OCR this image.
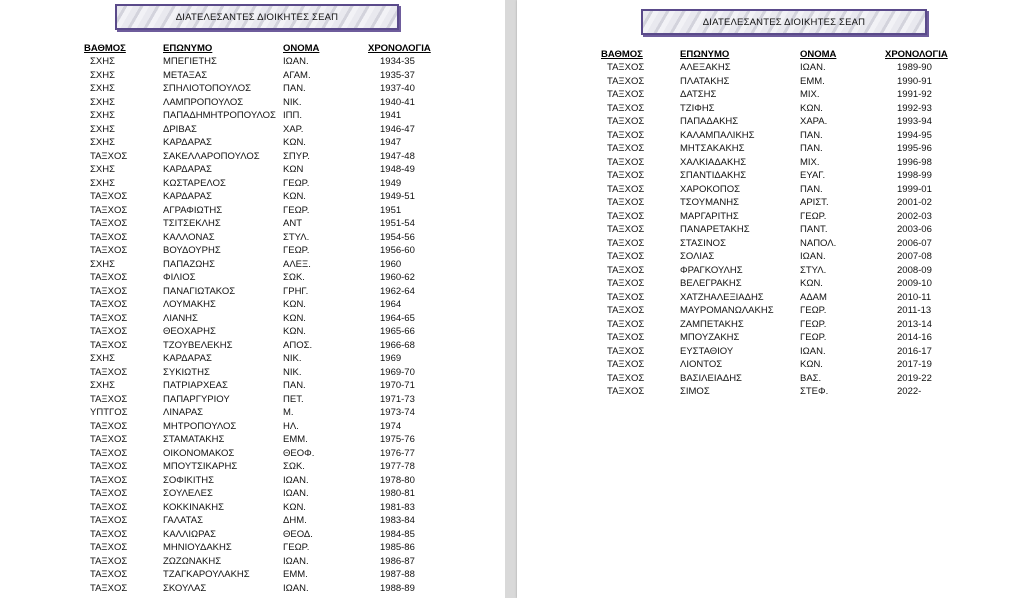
ΔΙΑΤΕΛΕΣΑΝΤΕΣ ΔΙΟΙΚΗΤΕΣ ΣΕΑΠ
ΒΑΘΜΟΣ	ΕΠΩΝΥΜΟ	ΟΝΟΜΑ	ΧΡΟΝΟΛΟΓΙΑ
ΣΧΗΣ	ΜΠΕΓΙΕΤΗΣ	ΙΩΑΝ.	1934-35
ΣΧΗΣ	ΜΕΤΑΞΑΣ	ΑΓΑΜ.	1935-37
ΣΧΗΣ	ΣΠΗΛΙΟΤΟΠΟΥΛΟΣ	ΠΑΝ.	1937-40
ΣΧΗΣ	ΛΑΜΠΡΟΠΟΥΛΟΣ	ΝΙΚ.	1940-41
ΣΧΗΣ	ΠΑΠΑΔΗΜΗΤΡΟΠΟΥΛΟΣ ΙΠΠ.	1941
ΣΧΗΣ	ΔΡΙΒΑΣ	ΧΑΡ.	1946-47
ΣΧΗΣ	ΚΑΡΔΑΡΑΣ	ΚΩΝ.	1947
ΤΑΞΧΟΣ	ΣΑΚΕΛΛΑΡΟΠΟΥΛΟΣ ΣΠΥΡ.	1947-48
ΣΧΗΣ	ΚΑΡΔΑΡΑΣ	ΚΩΝ	1948-49
ΣΧΗΣ	ΚΩΣΤΑΡΕΛΟΣ	ΓΕΩΡ.	1949
ΤΑΞΧΟΣ	ΚΑΡΔΑΡΑΣ	ΚΩΝ.	1949-51
ΤΑΞΧΟΣ	ΑΓΡΑΦΙΩΤΗΣ	ΓΕΩΡ.	1951
ΤΑΞΧΟΣ	ΤΣΙΤΣΕΚΛΗΣ	ΑΝΤ	1951-54
ΤΑΞΧΟΣ	ΚΑΛΛΟΝΑΣ	ΣΤΥΛ.	1954-56
ΤΑΞΧΟΣ	ΒΟΥΔΟΥΡΗΣ	ΓΕΩΡ.	1956-60
ΣΧΗΣ	ΠΑΠΑΖΩΗΣ	ΑΛΕΞ.	1960
ΤΑΞΧΟΣ	ΦΙΛΙΟΣ	ΣΩΚ.	1960-62
ΤΑΞΧΟΣ	ΠΑΝΑΓΙΩΤΑΚΟΣ	ΓΡΗΓ.	1962-64
ΤΑΞΧΟΣ	ΛΟΥΜΑΚΗΣ	ΚΩΝ.	1964
ΤΑΞΧΟΣ	ΛΙΑΝΗΣ	ΚΩΝ.	1964-65
ΤΑΞΧΟΣ	ΘΕΟΧΑΡΗΣ	ΚΩΝ.	1965-66
ΤΑΞΧΟΣ	ΤΖΟΥΒΕΛΕΚΗΣ	ΑΠΟΣ.	1966-68
ΣΧΗΣ	ΚΑΡΔΑΡΑΣ	ΝΙΚ.	1969
ΤΑΞΧΟΣ	ΣΥΚΙΩΤΗΣ	ΝΙΚ.	1969-70
ΣΧΗΣ	ΠΑΤΡΙΑΡΧΕΑΣ	ΠΑΝ.	1970-71
ΤΑΞΧΟΣ	ΠΑΠΑΡΓΥΡΙΟΥ	ΠΕΤ.	1971-73
ΥΠΤΓΟΣ	ΛΙΝΑΡΑΣ	Μ.	1973-74
ΤΑΞΧΟΣ	ΜΗΤΡΟΠΟΥΛΟΣ	ΗΛ.	1974
ΤΑΞΧΟΣ	ΣΤΑΜΑΤΑΚΗΣ	ΕΜΜ.	1975-76
ΤΑΞΧΟΣ	ΟΙΚΟΝΟΜΑΚΟΣ	ΘΕΟΦ.	1976-77
ΤΑΞΧΟΣ	ΜΠΟΥΤΣΙΚΑΡΗΣ	ΣΩΚ.	1977-78
ΤΑΞΧΟΣ	ΣΟΦΙΚΙΤΗΣ	ΙΩΑΝ.	1978-80
ΤΑΞΧΟΣ	ΣΟΥΛΕΛΕΣ	ΙΩΑΝ.	1980-81
ΤΑΞΧΟΣ	ΚΟΚΚΙΝΑΚΗΣ	ΚΩΝ.	1981-83
ΤΑΞΧΟΣ	ΓΑΛΑΤΑΣ	ΔΗΜ.	1983-84
ΤΑΞΧΟΣ	ΚΑΛΛΙΩΡΑΣ	ΘΕΟΔ.	1984-85
ΤΑΞΧΟΣ	ΜΗΝΙΟΥΔΑΚΗΣ	ΓΕΩΡ.	1985-86
ΤΑΞΧΟΣ	ΖΩΖΩΝΑΚΗΣ	ΙΩΑΝ.	1986-87
ΤΑΞΧΟΣ	ΤΖΑΓΚΑΡΟΥΛΑΚΗΣ	ΕΜΜ.	1987-88
ΤΑΞΧΟΣ	ΣΚΟΥΛΑΣ	ΙΩΑΝ.	1988-89
ΔΙΑΤΕΛΕΣΑΝΤΕΣ ΔΙΟΙΚΗΤΕΣ ΣΕΑΠ
ΒΑΘΜΟΣ	ΕΠΩΝΥΜΟ	ΟΝΟΜΑ	ΧΡΟΝΟΛΟΓΙΑ
ΤΑΞΧΟΣ	ΑΛΕΞΑΚΗΣ	ΙΩΑΝ.	1989-90
ΤΑΞΧΟΣ	ΠΛΑΤΑΚΗΣ	ΕΜΜ.	1990-91
ΤΑΞΧΟΣ	ΔΑΤΣΗΣ	ΜΙΧ.	1991-92
ΤΑΞΧΟΣ	ΤΖΙΦΗΣ	ΚΩΝ.	1992-93
ΤΑΞΧΟΣ	ΠΑΠΑΔΑΚΗΣ	ΧΑΡΑ.	1993-94
ΤΑΞΧΟΣ	ΚΑΛΑΜΠΑΛΙΚΗΣ	ΠΑΝ.	1994-95
ΤΑΞΧΟΣ	ΜΗΤΣΑΚΑΚΗΣ	ΠΑΝ.	1995-96
ΤΑΞΧΟΣ	ΧΑΛΚΙΑΔΑΚΗΣ	ΜΙΧ.	1996-98
ΤΑΞΧΟΣ	ΣΠΑΝΤΙΔΑΚΗΣ	ΕΥΑΓ.	1998-99
ΤΑΞΧΟΣ	ΧΑΡΟΚΟΠΟΣ	ΠΑΝ.	1999-01
ΤΑΞΧΟΣ	ΤΣΟΥΜΑΝΗΣ	ΑΡΙΣΤ.	2001-02
ΤΑΞΧΟΣ	ΜΑΡΓΑΡΙΤΗΣ	ΓΕΩΡ.	2002-03
ΤΑΞΧΟΣ	ΠΑΝΑΡΕΤΑΚΗΣ	ΠΑΝΤ.	2003-06
ΤΑΞΧΟΣ	ΣΤΑΣΙΝΟΣ	ΝΑΠΟΛ.	2006-07
ΤΑΞΧΟΣ	ΣΟΛΙΑΣ	ΙΩΑΝ.	2007-08
ΤΑΞΧΟΣ	ΦΡΑΓΚΟΥΛΗΣ	ΣΤΥΛ.	2008-09
ΤΑΞΧΟΣ	ΒΕΛΕΓΡΑΚΗΣ	ΚΩΝ.	2009-10
ΤΑΞΧΟΣ	ΧΑΤΖΗΑΛΕΞΙΑΔΗΣ	ΑΔΑΜ	2010-11
ΤΑΞΧΟΣ	ΜΑΥΡΟΜΑΝΩΛΑΚΗΣ	ΓΕΩΡ.	2011-13
ΤΑΞΧΟΣ	ΖΑΜΠΕΤΑΚΗΣ	ΓΕΩΡ.	2013-14
ΤΑΞΧΟΣ	ΜΠΟΥΖΑΚΗΣ	ΓΕΩΡ.	2014-16
ΤΑΞΧΟΣ	ΕΥΣΤΑΘΙΟΥ	ΙΩΑΝ.	2016-17
ΤΑΞΧΟΣ	ΛΙΟΝΤΟΣ	ΚΩΝ.	2017-19
ΤΑΞΧΟΣ	ΒΑΣΙΛΕΙΑΔΗΣ	ΒΑΣ.	2019-22
ΤΑΞΧΟΣ	ΣΙΜΟΣ	ΣΤΕΦ.	2022-
